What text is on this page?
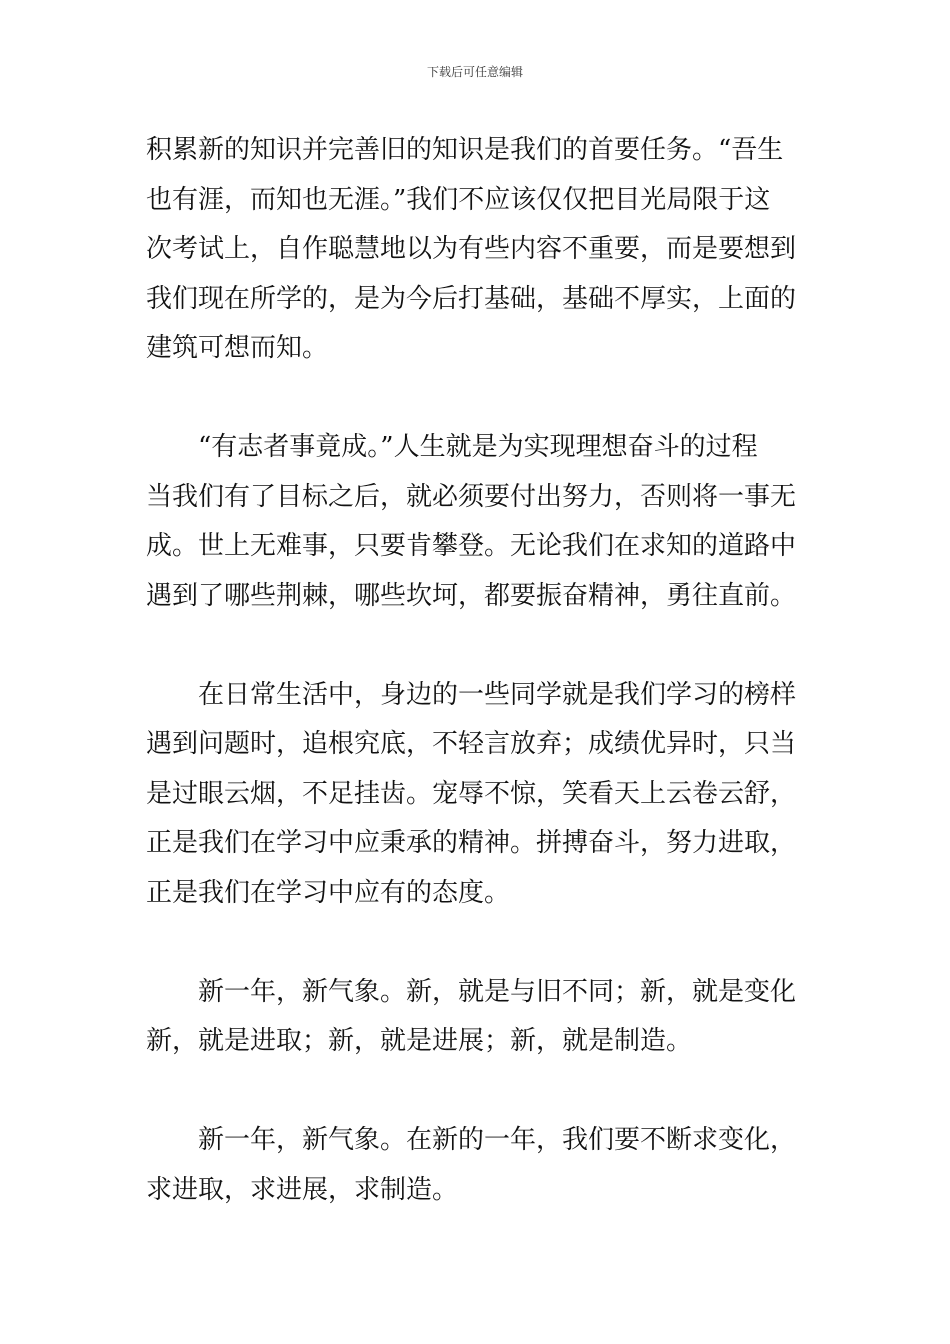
下载后可任意编辑

积累新的知识并完善旧的知识是我们的首要任务。“吾生
也有涯，而知也无涯。”我们不应该仅仅把目光局限于这
次考试上，自作聪慧地以为有些内容不重要，而是要想到
我们现在所学的，是为今后打基础，基础不厚实，上面的
建筑可想而知。

“有志者事竟成。”人生就是为实现理想奋斗的过程
当我们有了目标之后，就必须要付出努力，否则将一事无
成。世上无难事，只要肯攀登。无论我们在求知的道路中
遇到了哪些荆棘，哪些坎坷，都要振奋精神，勇往直前。

在日常生活中，身边的一些同学就是我们学习的榜样
遇到问题时，追根究底，不轻言放弃；成绩优异时，只当
是过眼云烟，不足挂齿。宠辱不惊，笑看天上云卷云舒，
正是我们在学习中应秉承的精神。拼搏奋斗，努力进取，
正是我们在学习中应有的态度。

新一年，新气象。新，就是与旧不同；新，就是变化
新，就是进取；新，就是进展；新，就是制造。

新一年，新气象。在新的一年，我们要不断求变化，
求进取，求进展，求制造。
